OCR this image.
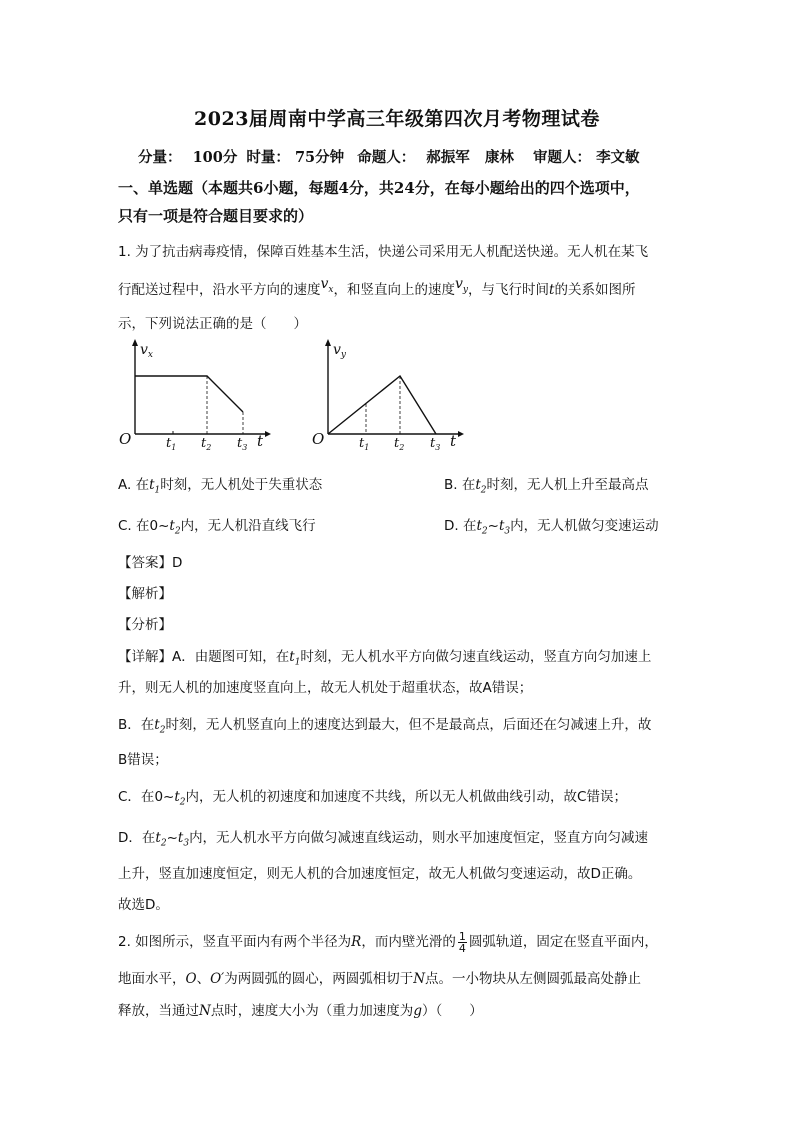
2023届周南中学高三年级第四次月考物理试卷
分量： 100分 时量： 75分钟 命题人： 郝振军   康林 审题人： 李文敏
一、单选题（本题共6小题，每题4分，共24分，在每小题给出的四个选项中，
只有一项是符合题目要求的）
1. 为了抗击病毒疫情，保障百姓基本生活，快递公司采用无人机配送快递。无人机在某飞
行配送过程中，沿水平方向的速度$v_x$，和竖直向上的速度$v_y$，与飞行时间t的关系如图所
示，下列说法正确的是（　　）
$v_x$
O	$t_1$ $t_2$ $t_3$ t
$v_y$
O	$t_1$ $t_2$ $t_3$ t
A. 在$t_1$时刻，无人机处于失重状态	B. 在$t_2$时刻，无人机上升至最高点
C. 在$0\sim t_2$内，无人机沿直线飞行	D. 在$t_2\sim t_3$内，无人机做匀变速运动
【答案】D
【解析】
【分析】
【详解】A．由题图可知，在$t_1$时刻，无人机水平方向做匀速直线运动，竖直方向匀加速上
升，则无人机的加速度竖直向上，故无人机处于超重状态，故A错误；
B．在$t_2$时刻，无人机竖直向上的速度达到最大，但不是最高点，后面还在匀减速上升，故
B错误；
C．在$0\sim t_2$内，无人机的初速度和加速度不共线，所以无人机做曲线引动，故C错误；
D．在$t_2\sim t_3$内，无人机水平方向做匀减速直线运动，则水平加速度恒定，竖直方向匀减速
上升，竖直加速度恒定，则无人机的合加速度恒定，故无人机做匀变速运动，故D正确。
故选D。
2. 如图所示，竖直平面内有两个半径为R，而内壁光滑的 $\frac{1}{4}$ 圆弧轨道，固定在竖直平面内，
地面水平，O、O′为两圆弧的圆心，两圆弧相切于N点。一小物块从左侧圆弧最高处静止
释放，当通过N点时，速度大小为（重力加速度为g）（　　）
